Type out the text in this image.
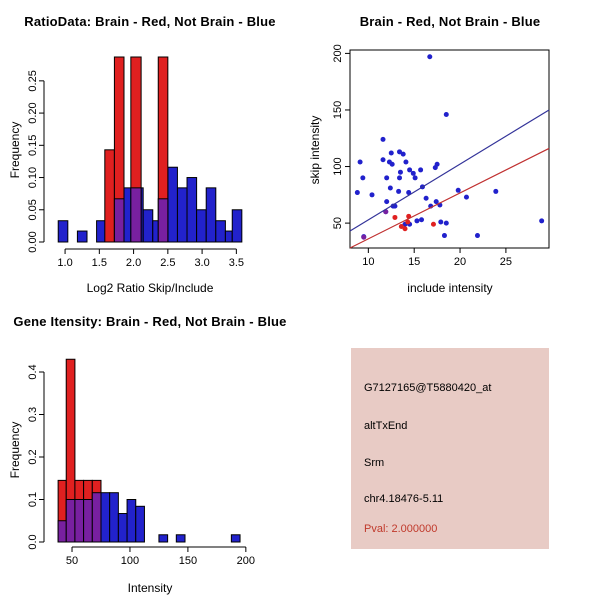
1.0 1.5 2.0 2.5 3.0 3.5
0.00
0.05
0.10
0.15
0.20
0.25
RatioData: Brain - Red, Not Brain - Blue
Log2 Ratio Skip/Include
Frequency
10	15	20	25
50
100
150
200
Brain - Red, Not Brain - Blue
include intensity
skip intensity
50	100	150	200
0.0
0.1
0.2
0.3
0.4
Gene Itensity: Brain - Red, Not Brain - Blue
Intensity
Frequency
G7127165@T5880420_at
altTxEnd
Srm
chr4.18476-5.11
Pval: 2.000000
